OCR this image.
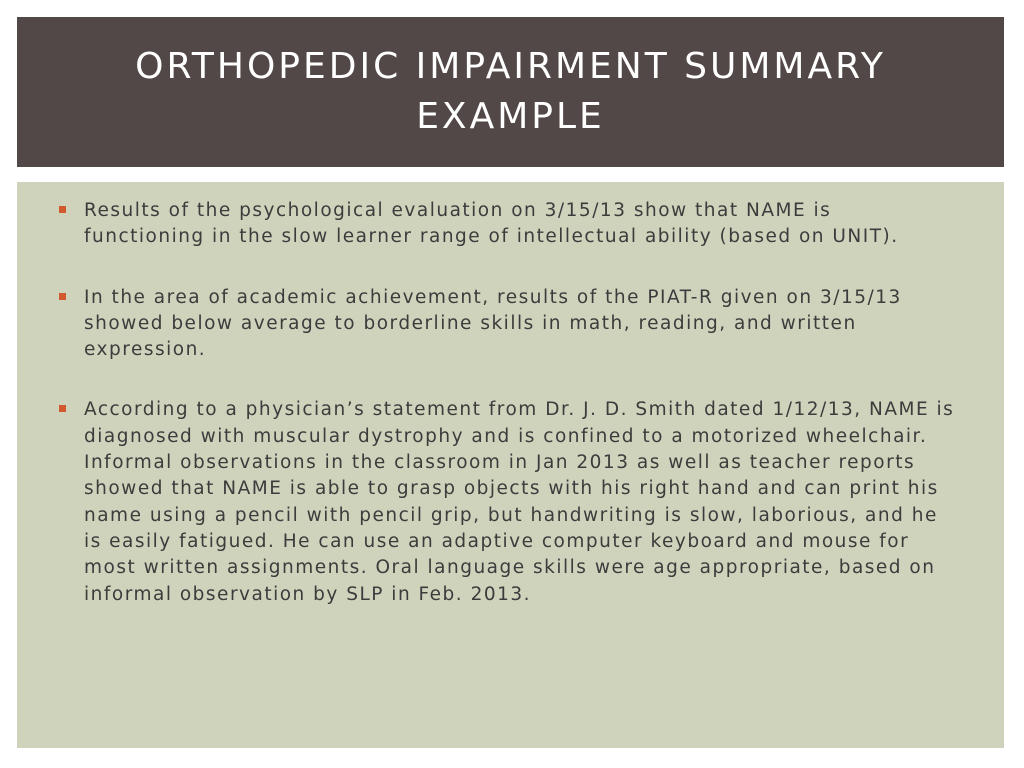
ORTHOPEDIC IMPAIRMENT SUMMARY EXAMPLE
Results of the psychological evaluation on 3/15/13 show that NAME is functioning in the slow learner range of intellectual ability (based on UNIT).
In the area of academic achievement, results of the PIAT-R given on 3/15/13 showed below average to borderline skills in math, reading, and written expression.
According to a physician’s statement from Dr. J. D. Smith dated 1/12/13, NAME is diagnosed with muscular dystrophy and is confined to a motorized wheelchair. Informal observations in the classroom in Jan 2013 as well as teacher reports showed that NAME is able to grasp objects with his right hand and can print his name using a pencil with pencil grip, but handwriting is slow, laborious, and he is easily fatigued. He can use an adaptive computer keyboard and mouse for most written assignments. Oral language skills were age appropriate, based on informal observation by SLP in Feb. 2013.
